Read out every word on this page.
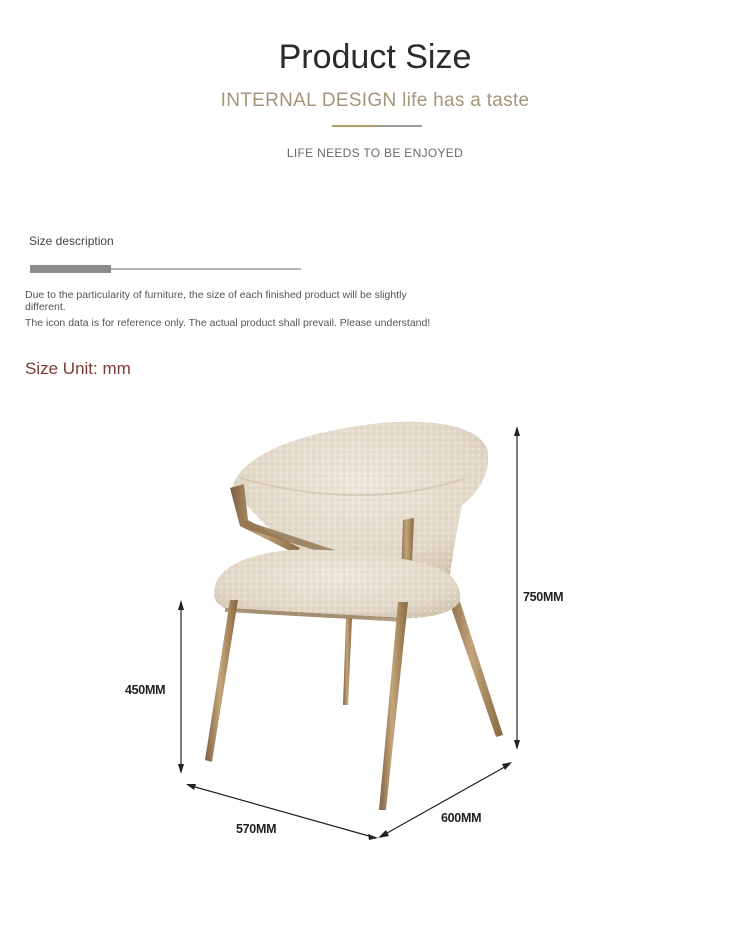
Product Size
INTERNAL DESIGN life has a taste
LIFE NEEDS TO BE ENJOYED
Size description
Due to the particularity of furniture, the size of each finished product will be slightly different.
The icon data is for reference only. The actual product shall prevail. Please understand!
Size Unit: mm
750MM
450MM
570MM
600MM
